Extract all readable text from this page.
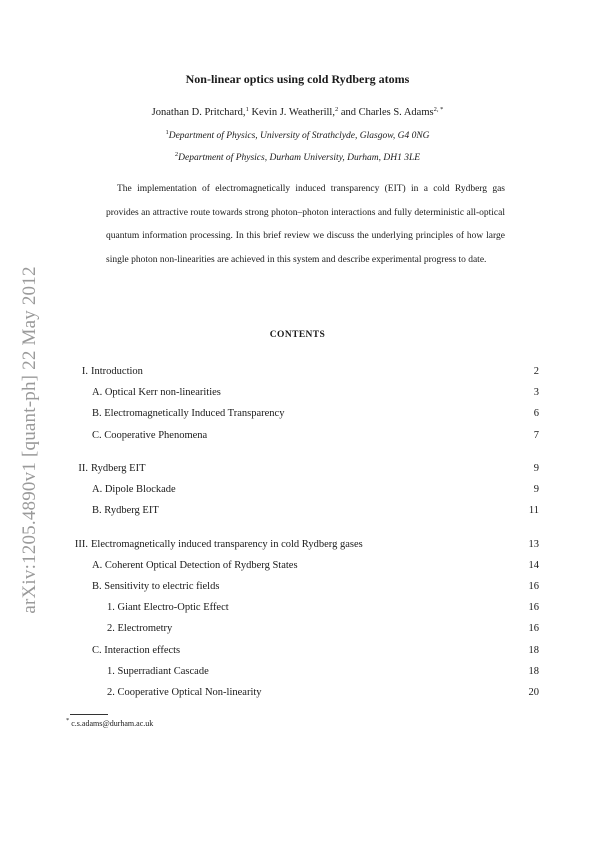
arXiv:1205.4890v1 [quant-ph] 22 May 2012
Non-linear optics using cold Rydberg atoms
Jonathan D. Pritchard,$^1$ Kevin J. Weatherill,$^2$ and Charles S. Adams$^{2, *}$
$^1$Department of Physics, University of Strathclyde, Glasgow, G4 0NG
$^2$Department of Physics, Durham University, Durham, DH1 3LE
The implementation of electromagnetically induced transparency (EIT) in a cold Rydberg gas provides an attractive route towards strong photon–photon interactions and fully deterministic all-optical quantum information processing. In this brief review we discuss the underlying principles of how large single photon non-linearities are achieved in this system and describe experimental progress to date.
CONTENTS
I. Introduction	2
A. Optical Kerr non-linearities	3
B. Electromagnetically Induced Transparency	6
C. Cooperative Phenomena	7
II. Rydberg EIT	9
A. Dipole Blockade	9
B. Rydberg EIT	11
III. Electromagnetically induced transparency in cold Rydberg gases	13
A. Coherent Optical Detection of Rydberg States	14
B. Sensitivity to electric fields	16
1. Giant Electro-Optic Effect	16
2. Electrometry	16
C. Interaction effects	18
1. Superradiant Cascade	18
2. Cooperative Optical Non-linearity	20
* c.s.adams@durham.ac.uk
